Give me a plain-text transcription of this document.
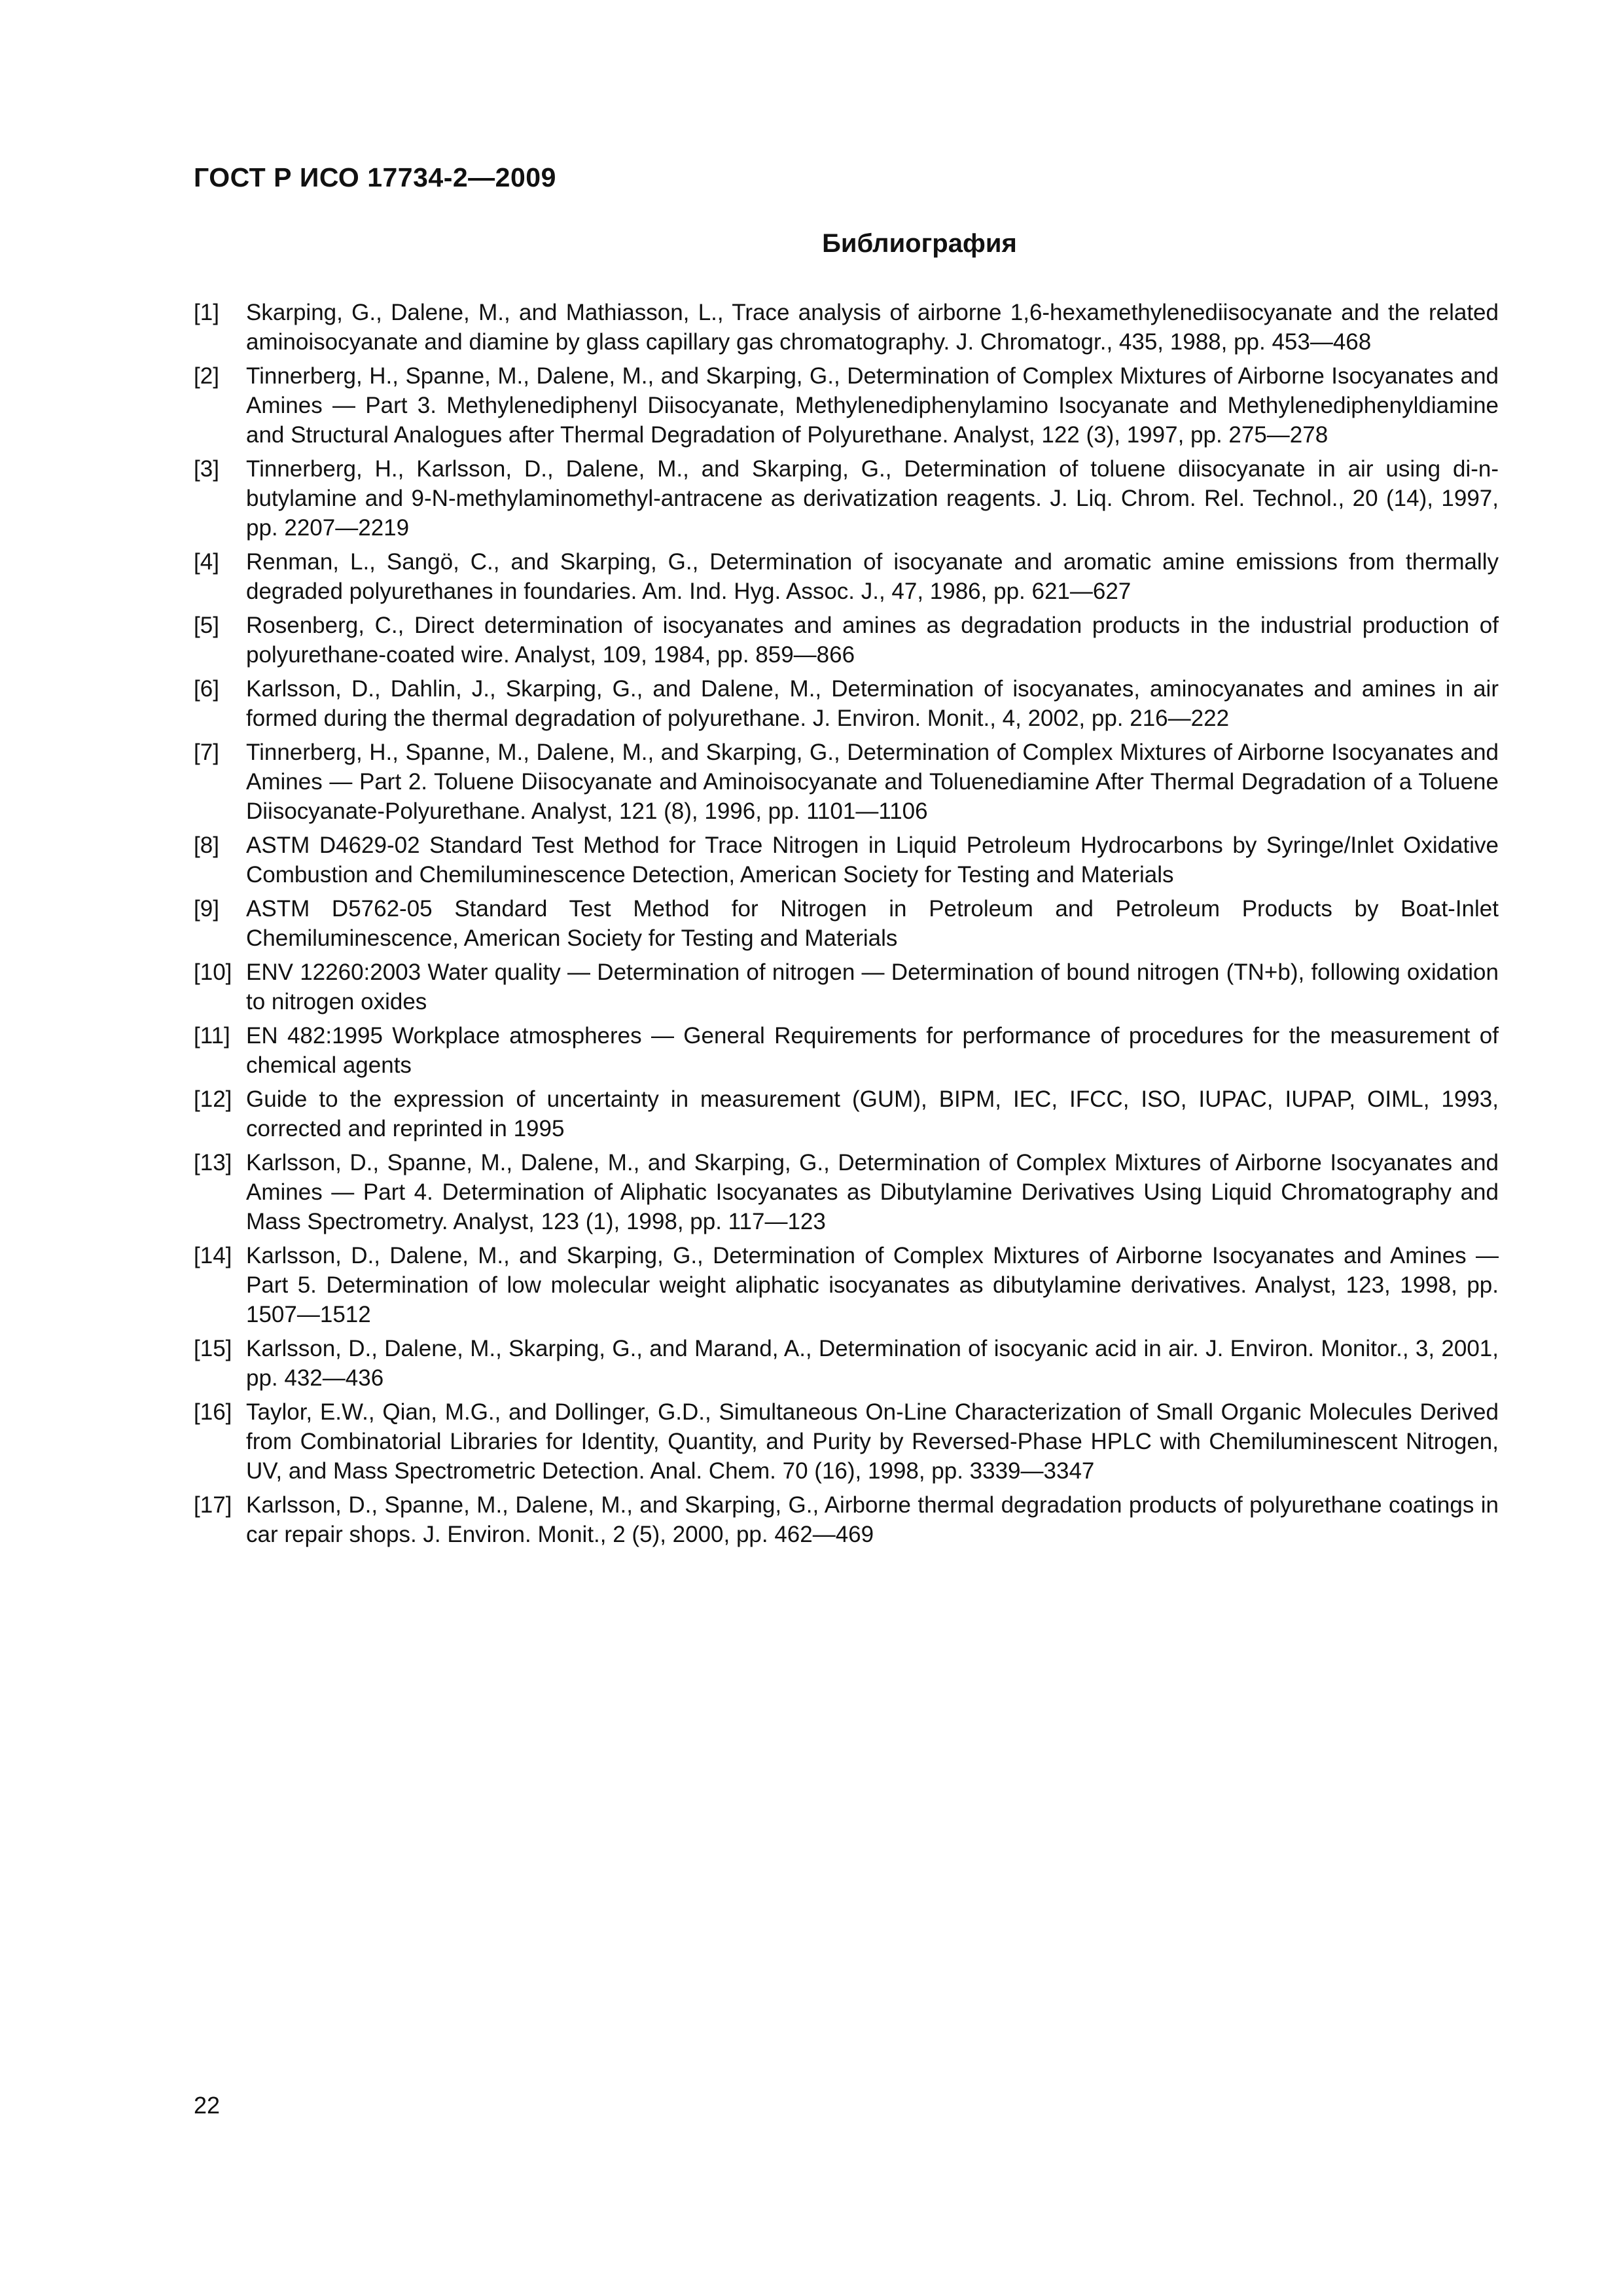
ГОСТ Р ИСО 17734-2—2009
Библиография
[1]	Skarping, G., Dalene, M., and Mathiasson, L., Trace analysis of airborne 1,6-hexamethylenediisocyanate and the related aminoisocyanate and diamine by glass capillary gas chromatography. J. Chromatogr., 435, 1988, pp. 453—468
[2]	Tinnerberg, H., Spanne, M., Dalene, M., and Skarping, G., Determination of Complex Mixtures of Airborne Isocyanates and Amines — Part 3. Methylenediphenyl Diisocyanate, Methylenediphenylamino Isocyanate and Methylenediphenyldiamine and Structural Analogues after Thermal Degradation of Polyurethane. Analyst, 122 (3), 1997, pp. 275—278
[3]	Tinnerberg, H., Karlsson, D., Dalene, M., and Skarping, G., Determination of toluene diisocyanate in air using di-n-butylamine and 9-N-methylaminomethyl-antracene as derivatization reagents. J. Liq. Chrom. Rel. Technol., 20 (14), 1997, pp. 2207—2219
[4]	Renman, L., Sangö, C., and Skarping, G., Determination of isocyanate and aromatic amine emissions from thermally degraded polyurethanes in foundaries. Am. Ind. Hyg. Assoc. J., 47, 1986, pp. 621—627
[5]	Rosenberg, C., Direct determination of isocyanates and amines as degradation products in the industrial production of polyurethane-coated wire. Analyst, 109, 1984, pp. 859—866
[6]	Karlsson, D., Dahlin, J., Skarping, G., and Dalene, M., Determination of isocyanates, aminocyanates and amines in air formed during the thermal degradation of polyurethane. J. Environ. Monit., 4, 2002, pp. 216—222
[7]	Tinnerberg, H., Spanne, M., Dalene, M., and Skarping, G., Determination of Complex Mixtures of Airborne Isocyanates and Amines — Part 2. Toluene Diisocyanate and Aminoisocyanate and Toluenediamine After Thermal Degradation of a Toluene Diisocyanate-Polyurethane. Analyst, 121 (8), 1996, pp. 1101—1106
[8]	ASTM D4629-02 Standard Test Method for Trace Nitrogen in Liquid Petroleum Hydrocarbons by Syringe/Inlet Oxidative Combustion and Chemiluminescence Detection, American Society for Testing and Materials
[9]	ASTM D5762-05 Standard Test Method for Nitrogen in Petroleum and Petroleum Products by Boat-Inlet Chemiluminescence, American Society for Testing and Materials
[10] ENV 12260:2003 Water quality — Determination of nitrogen — Determination of bound nitrogen (TN+b), following oxidation to nitrogen oxides
[11] EN 482:1995 Workplace atmospheres — General Requirements for performance of procedures for the measurement of chemical agents
[12] Guide to the expression of uncertainty in measurement (GUM), BIPM, IEC, IFCC, ISO, IUPAC, IUPAP, OIML, 1993, corrected and reprinted in 1995
[13] Karlsson, D., Spanne, M., Dalene, M., and Skarping, G., Determination of Complex Mixtures of Airborne Isocyanates and Amines — Part 4. Determination of Aliphatic Isocyanates as Dibutylamine Derivatives Using Liquid Chromatography and Mass Spectrometry. Analyst, 123 (1), 1998, pp. 117—123
[14] Karlsson, D., Dalene, M., and Skarping, G., Determination of Complex Mixtures of Airborne Isocyanates and Amines — Part 5. Determination of low molecular weight aliphatic isocyanates as dibutylamine derivatives. Analyst, 123, 1998, pp. 1507—1512
[15] Karlsson, D., Dalene, M., Skarping, G., and Marand, A., Determination of isocyanic acid in air. J. Environ. Monitor., 3, 2001, pp. 432—436
[16] Taylor, E.W., Qian, M.G., and Dollinger, G.D., Simultaneous On-Line Characterization of Small Organic Molecules Derived from Combinatorial Libraries for Identity, Quantity, and Purity by Reversed-Phase HPLC with Chemiluminescent Nitrogen, UV, and Mass Spectrometric Detection. Anal. Chem. 70 (16), 1998, pp. 3339—3347
[17] Karlsson, D., Spanne, M., Dalene, M., and Skarping, G., Airborne thermal degradation products of polyurethane coatings in car repair shops. J. Environ. Monit., 2 (5), 2000, pp. 462—469
22
